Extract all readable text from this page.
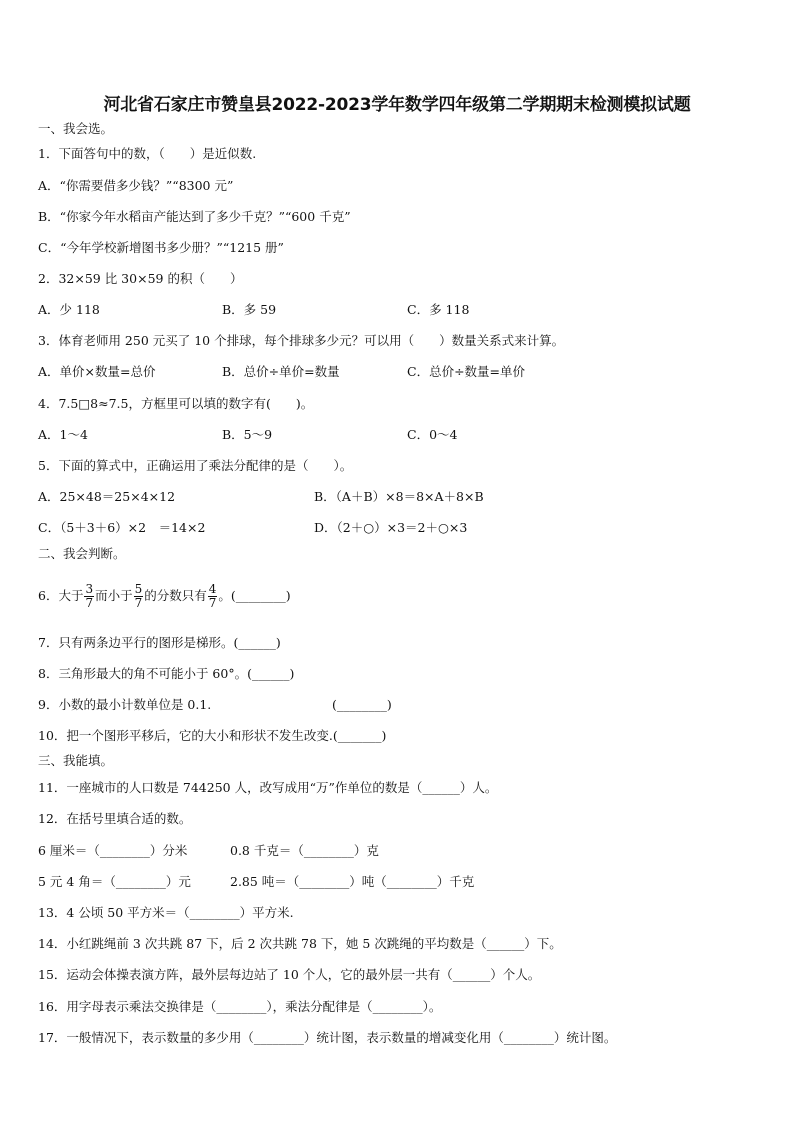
河北省石家庄市赞皇县2022-2023学年数学四年级第二学期期末检测模拟试题
一、我会选。
1．下面答句中的数，（　　）是近似数.
A．“你需要借多少钱？”“8300 元”
B．“你家今年水稻亩产能达到了多少千克？”“600 千克”
C．“今年学校新增图书多少册？”“1215 册”
2．32×59 比 30×59 的积（　　）
A．少 118	B．多 59	C．多 118
3．体育老师用 250 元买了 10 个排球，每个排球多少元？可以用（　　）数量关系式来计算。
A．单价×数量=总价	B．总价÷单价=数量	C．总价÷数量=单价
4．7.5□8≈7.5，方框里可以填的数字有(　　)。
A．1～4	B．5～9	C．0～4
5．下面的算式中，正确运用了乘法分配律的是（　　）。
A．25×48＝25×4×12	B．（A＋B）×8＝8×A＋8×B
C．（5＋3＋6）×2　＝14×2	D．（2＋○）×3＝2＋○×3
二、我会判断。
6．大于 $\frac{3}{7}$ 而小于 $\frac{5}{7}$ 的分数只有 $\frac{4}{7}$ 。(________)
7．只有两条边平行的图形是梯形。(______)
8．三角形最大的角不可能小于 60°。(______)
9．小数的最小计数单位是 0.1.	(________)
10．把一个图形平移后，它的大小和形状不发生改变.(_______)
三、我能填。
11．一座城市的人口数是 744250 人，改写成用“万”作单位的数是（______）人。
12．在括号里填合适的数。
6 厘米＝（________）分米	0.8 千克＝（________）克
5 元 4 角＝（________）元	2.85 吨＝（________）吨（________）千克
13．4 公顷 50 平方米＝（________）平方米.
14．小红跳绳前 3 次共跳 87 下，后 2 次共跳 78 下，她 5 次跳绳的平均数是（______）下。
15．运动会体操表演方阵，最外层每边站了 10 个人，它的最外层一共有（______）个人。
16．用字母表示乘法交换律是（________），乘法分配律是（________）。
17．一般情况下，表示数量的多少用（________）统计图，表示数量的增减变化用（________）统计图。
